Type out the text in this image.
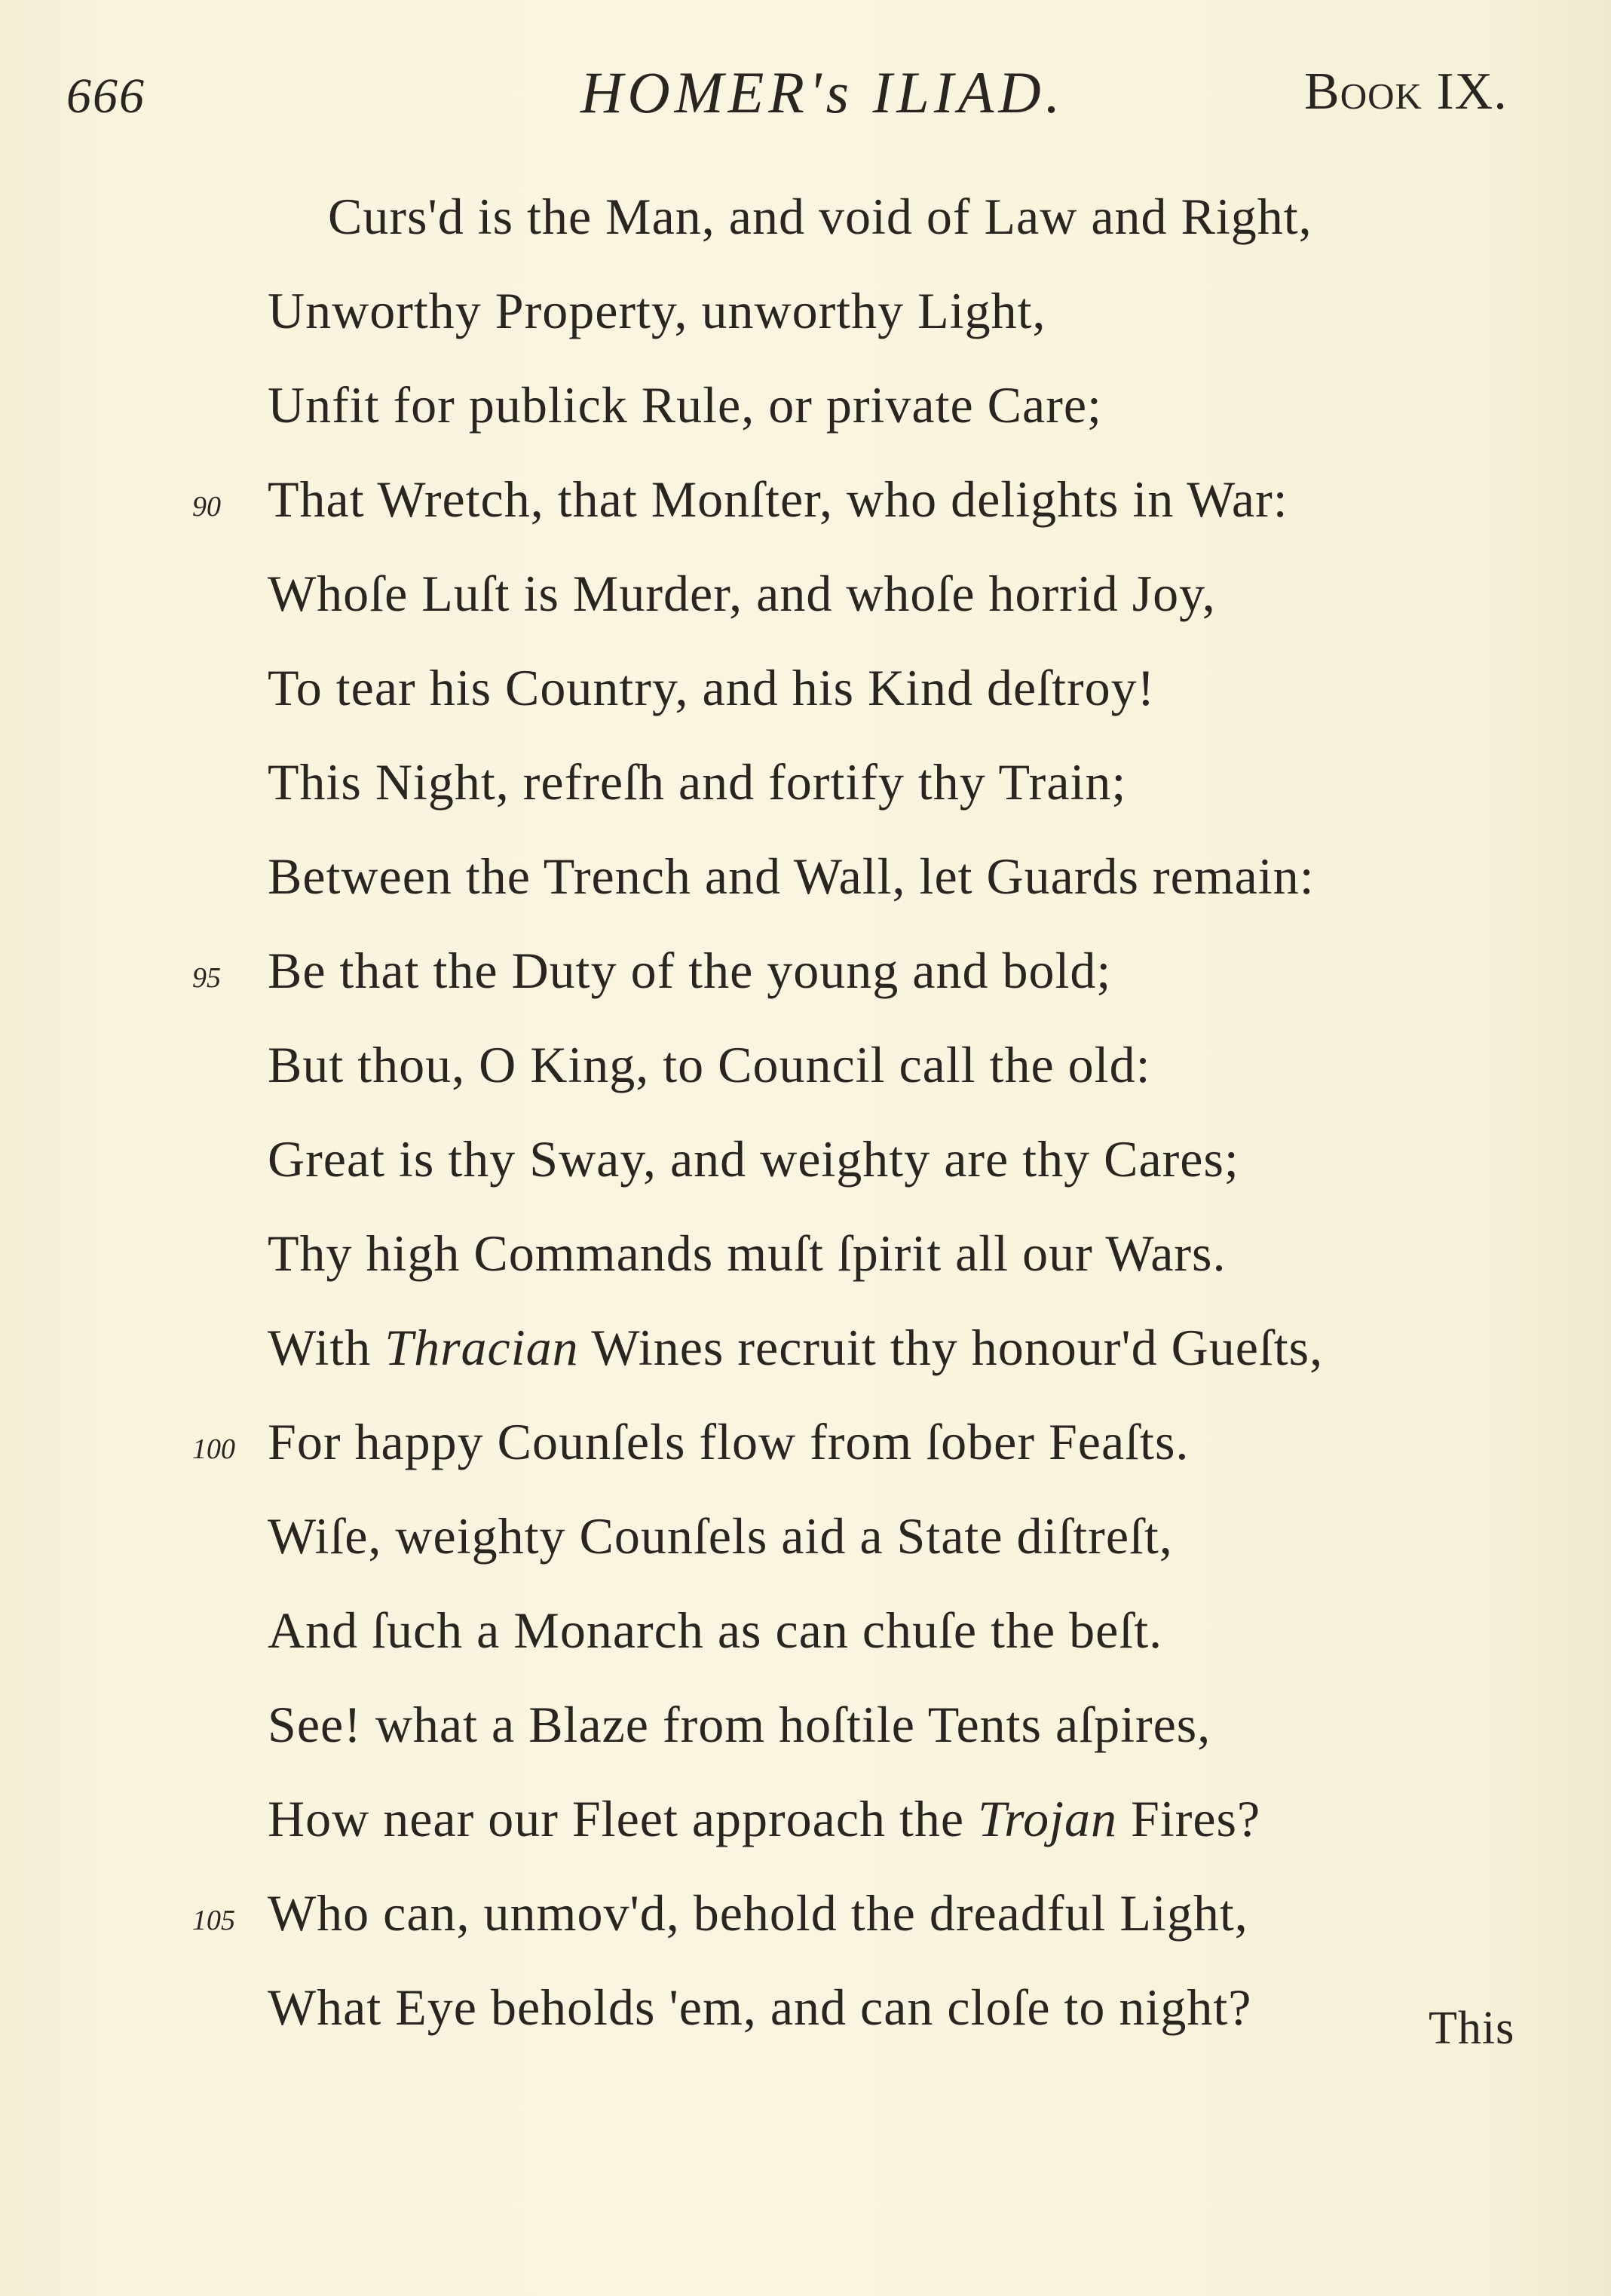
666	HOMER's ILIAD.	Book IX.
Curs'd is the Man, and void of Law and Right,
Unworthy Property, unworthy Light,
Unfit for publick Rule, or private Care;
90 That Wretch, that Monſter, who delights in War:
Whoſe Luſt is Murder, and whoſe horrid Joy,
To tear his Country, and his Kind deſtroy!
This Night, refreſh and fortify thy Train;
Between the Trench and Wall, let Guards remain:
95 Be that the Duty of the young and bold;
But thou, O King, to Council call the old:
Great is thy Sway, and weighty are thy Cares;
Thy high Commands muſt ſpirit all our Wars.
With Thracian Wines recruit thy honour'd Gueſts,
100 For happy Counſels flow from ſober Feaſts.
Wiſe, weighty Counſels aid a State diſtreſt,
And ſuch a Monarch as can chuſe the beſt.
See! what a Blaze from hoſtile Tents aſpires,
How near our Fleet approach the Trojan Fires?
105 Who can, unmov'd, behold the dreadful Light,
What Eye beholds 'em, and can cloſe to night?	This
